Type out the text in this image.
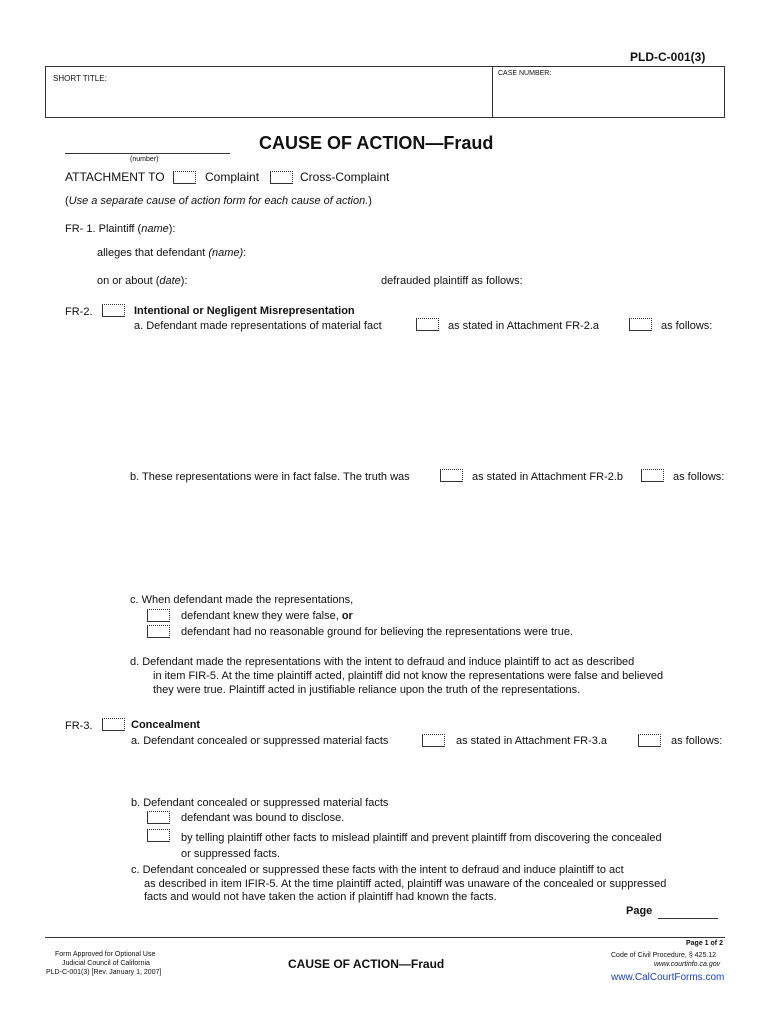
PLD-C-001(3)
SHORT TITLE:
CASE NUMBER:
CAUSE OF ACTION—Fraud
(number)
ATTACHMENT TO	Complaint	Cross-Complaint
(Use a separate cause of action form for each cause of action.)
FR- 1. Plaintiff (name):
alleges that defendant (name):
on or about (date):	defrauded plaintiff as follows:
FR-2.	Intentional or Negligent Misrepresentation
a. Defendant made representations of material fact	as stated in Attachment FR-2.a	as follows:
b. These representations were in fact false. The truth was	as stated in Attachment FR-2.b	as follows:
c. When defendant made the representations,
defendant knew they were false, or
defendant had no reasonable ground for believing the representations were true.
d. Defendant made the representations with the intent to defraud and induce plaintiff to act as described
in item FIR-5. At the time plaintiff acted, plaintiff did not know the representations were false and believed
they were true. Plaintiff acted in justifiable reliance upon the truth of the representations.
FR-3.	Concealment
a. Defendant concealed or suppressed material facts	as stated in Attachment FR-3.a	as follows:
b. Defendant concealed or suppressed material facts
defendant was bound to disclose.
by telling plaintiff other facts to mislead plaintiff and prevent plaintiff from discovering the concealed
or suppressed facts.
c. Defendant concealed or suppressed these facts with the intent to defraud and induce plaintiff to act
as described in item IFIR-5. At the time plaintiff acted, plaintiff was unaware of the concealed or suppressed
facts and would not have taken the action if plaintiff had known the facts.
Page
Page 1 of 2
Form Approved for Optional Use
Judicial Council of California
PLD-C-001(3) [Rev. January 1, 2007]
CAUSE OF ACTION—Fraud
Code of Civil Procedure, § 425.12
www.courtinfo.ca.gov
www.CalCourtForms.com
